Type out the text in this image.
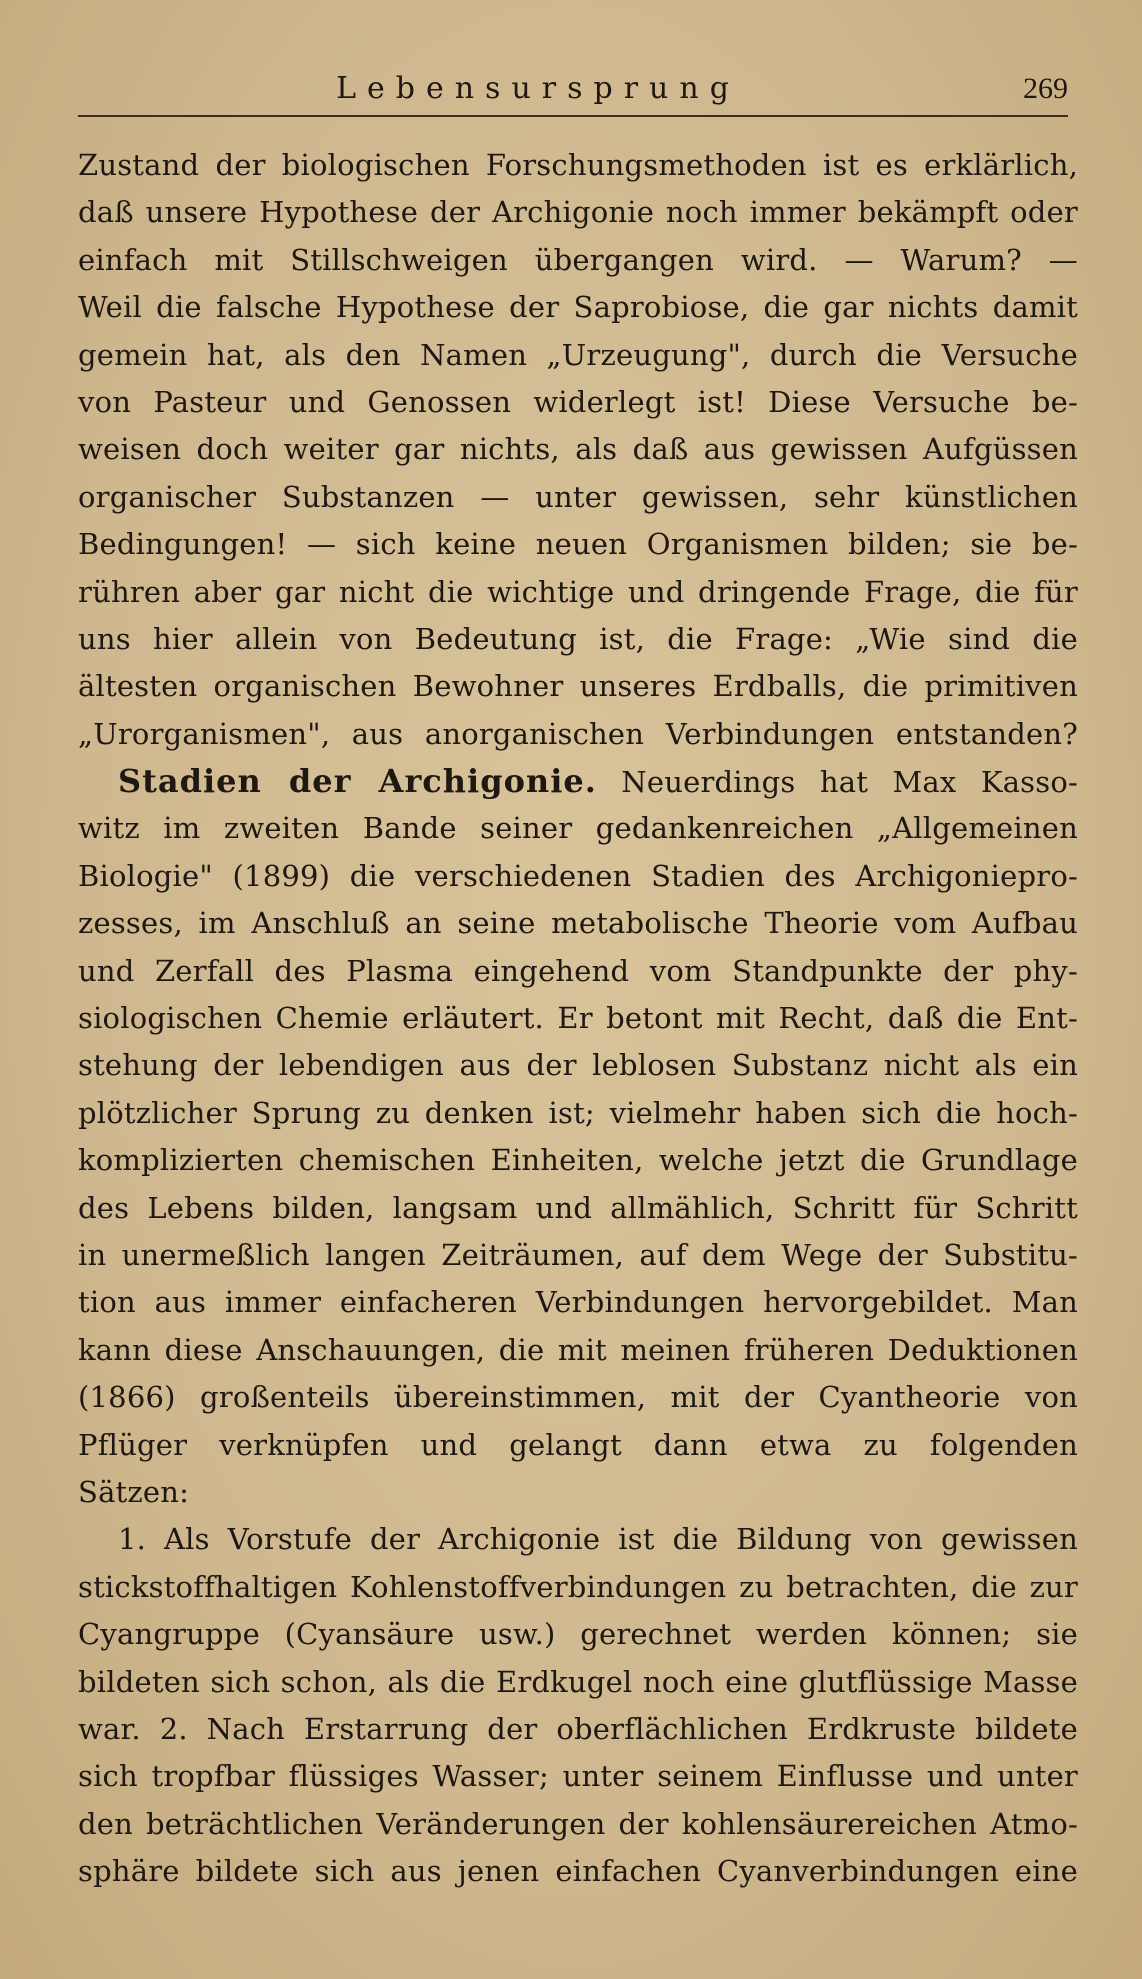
Lebensursprung	269
Zustand der biologischen Forschungsmethoden ist es erklärlich,
daß unsere Hypothese der Archigonie noch immer bekämpft oder
einfach mit Stillschweigen übergangen wird. — Warum? —
Weil die falsche Hypothese der Saprobiose, die gar nichts damit
gemein hat, als den Namen „Urzeugung", durch die Versuche
von Pasteur und Genossen widerlegt ist! Diese Versuche be-
weisen doch weiter gar nichts, als daß aus gewissen Aufgüssen
organischer Substanzen — unter gewissen, sehr künstlichen
Bedingungen! — sich keine neuen Organismen bilden; sie be-
rühren aber gar nicht die wichtige und dringende Frage, die für
uns hier allein von Bedeutung ist, die Frage: „Wie sind die
ältesten organischen Bewohner unseres Erdballs, die primitiven
„Urorganismen", aus anorganischen Verbindungen entstanden?
Stadien der Archigonie. Neuerdings hat Max Kasso-
witz im zweiten Bande seiner gedankenreichen „Allgemeinen
Biologie" (1899) die verschiedenen Stadien des Archigoniepro-
zesses, im Anschluß an seine metabolische Theorie vom Aufbau
und Zerfall des Plasma eingehend vom Standpunkte der phy-
siologischen Chemie erläutert. Er betont mit Recht, daß die Ent-
stehung der lebendigen aus der leblosen Substanz nicht als ein
plötzlicher Sprung zu denken ist; vielmehr haben sich die hoch-
komplizierten chemischen Einheiten, welche jetzt die Grundlage
des Lebens bilden, langsam und allmählich, Schritt für Schritt
in unermeßlich langen Zeiträumen, auf dem Wege der Substitu-
tion aus immer einfacheren Verbindungen hervorgebildet. Man
kann diese Anschauungen, die mit meinen früheren Deduktionen
(1866) großenteils übereinstimmen, mit der Cyantheorie von
Pflüger verknüpfen und gelangt dann etwa zu folgenden
Sätzen:
1. Als Vorstufe der Archigonie ist die Bildung von gewissen
stickstoffhaltigen Kohlenstoffverbindungen zu betrachten, die zur
Cyangruppe (Cyansäure usw.) gerechnet werden können; sie
bildeten sich schon, als die Erdkugel noch eine glutflüssige Masse
war. 2. Nach Erstarrung der oberflächlichen Erdkruste bildete
sich tropfbar flüssiges Wasser; unter seinem Einflusse und unter
den beträchtlichen Veränderungen der kohlensäurereichen Atmo-
sphäre bildete sich aus jenen einfachen Cyanverbindungen eine
